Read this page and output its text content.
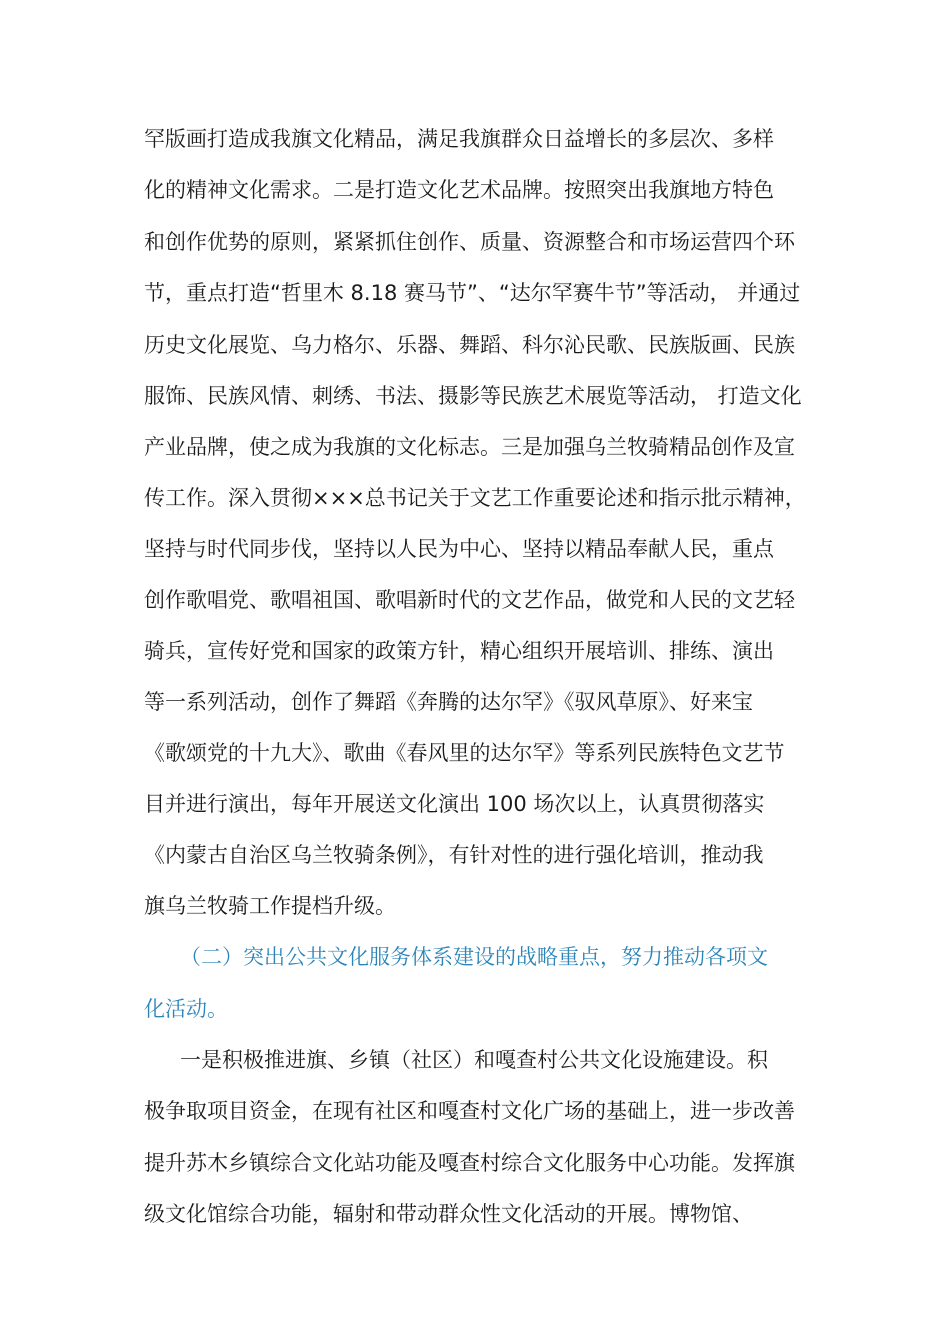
罕版画打造成我旗文化精品，满足我旗群众日益增长的多层次、多样
化的精神文化需求。二是打造文化艺术品牌。按照突出我旗地方特色
和创作优势的原则，紧紧抓住创作、质量、资源整合和市场运营四个环
节，重点打造“哲里木 8.18 赛马节”、“达尔罕赛牛节”等活动， 并通过
历史文化展览、乌力格尔、乐器、舞蹈、科尔沁民歌、民族版画、民族
服饰、民族风情、刺绣、书法、摄影等民族艺术展览等活动， 打造文化
产业品牌，使之成为我旗的文化标志。三是加强乌兰牧骑精品创作及宣
传工作。深入贯彻×××总书记关于文艺工作重要论述和指示批示精神，
坚持与时代同步伐，坚持以人民为中心、坚持以精品奉献人民，重点
创作歌唱党、歌唱祖国、歌唱新时代的文艺作品，做党和人民的文艺轻
骑兵，宣传好党和国家的政策方针，精心组织开展培训、排练、演出
等一系列活动，创作了舞蹈《奔腾的达尔罕》《驭风草原》、好来宝
《歌颂党的十九大》、歌曲《春风里的达尔罕》等系列民族特色文艺节
目并进行演出，每年开展送文化演出 100 场次以上，认真贯彻落实
《内蒙古自治区乌兰牧骑条例》，有针对性的进行强化培训，推动我
旗乌兰牧骑工作提档升级。
（二）突出公共文化服务体系建设的战略重点，努力推动各项文
化活动。
一是积极推进旗、乡镇（社区）和嘎查村公共文化设施建设。积
极争取项目资金，在现有社区和嘎查村文化广场的基础上，进一步改善
提升苏木乡镇综合文化站功能及嘎查村综合文化服务中心功能。发挥旗
级文化馆综合功能，辐射和带动群众性文化活动的开展。博物馆、
